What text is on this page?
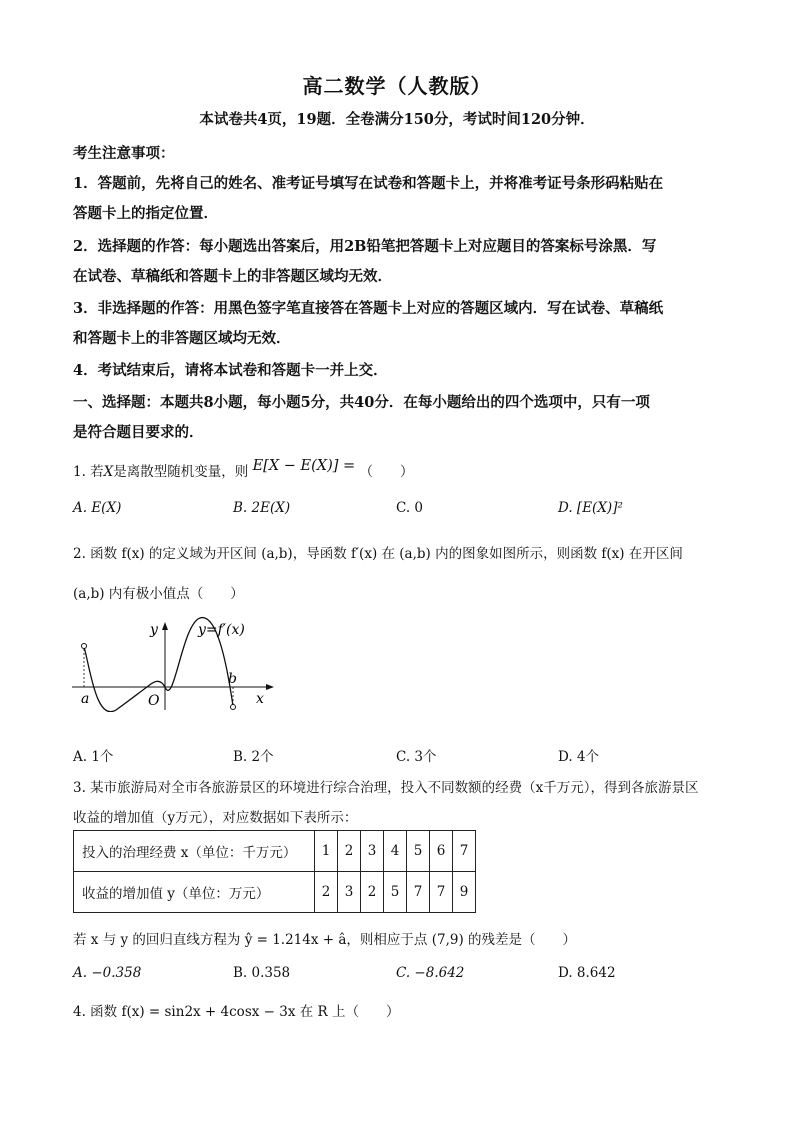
高二数学（人教版）
本试卷共4页，19题．全卷满分150分，考试时间120分钟．
考生注意事项：
1．答题前，先将自己的姓名、准考证号填写在试卷和答题卡上，并将准考证号条形码粘贴在
答题卡上的指定位置．
2．选择题的作答：每小题选出答案后，用2B铅笔把答题卡上对应题目的答案标号涂黑．写
在试卷、草稿纸和答题卡上的非答题区域均无效．
3．非选择题的作答：用黑色签字笔直接答在答题卡上对应的答题区域内．写在试卷、草稿纸
和答题卡上的非答题区域均无效．
4．考试结束后，请将本试卷和答题卡一并上交．
一、选择题：本题共8小题，每小题5分，共40分．在每小题给出的四个选项中，只有一项
是符合题目要求的．
1. 若X是离散型随机变量，则 E[X − E(X)] = （　　）
A. E(X)	B. 2E(X)	C. 0	D. [E(X)]²
2. 函数 f(x) 的定义域为开区间 (a,b)，导函数 f′(x) 在 (a,b) 内的图象如图所示，则函数 f(x) 在开区间
(a,b) 内有极小值点（　　）
a
b
O
y
x
y=f′(x)
A. 1个	B. 2个	C. 3个	D. 4个
3. 某市旅游局对全市各旅游景区的环境进行综合治理，投入不同数额的经费（x千万元），得到各旅游景区
收益的增加值（y万元），对应数据如下表所示：
投入的治理经费 x（单位：千万元）	1	2	3	4	5	6	7
收益的增加值 y（单位：万元）	2	3	2	5	7	7	9
若 x 与 y 的回归直线方程为 ŷ = 1.214x + â，则相应于点 (7,9) 的残差是（　　）
A. −0.358	B. 0.358	C. −8.642	D. 8.642
4. 函数 f(x) = sin2x + 4cosx − 3x 在 R 上（　　）
